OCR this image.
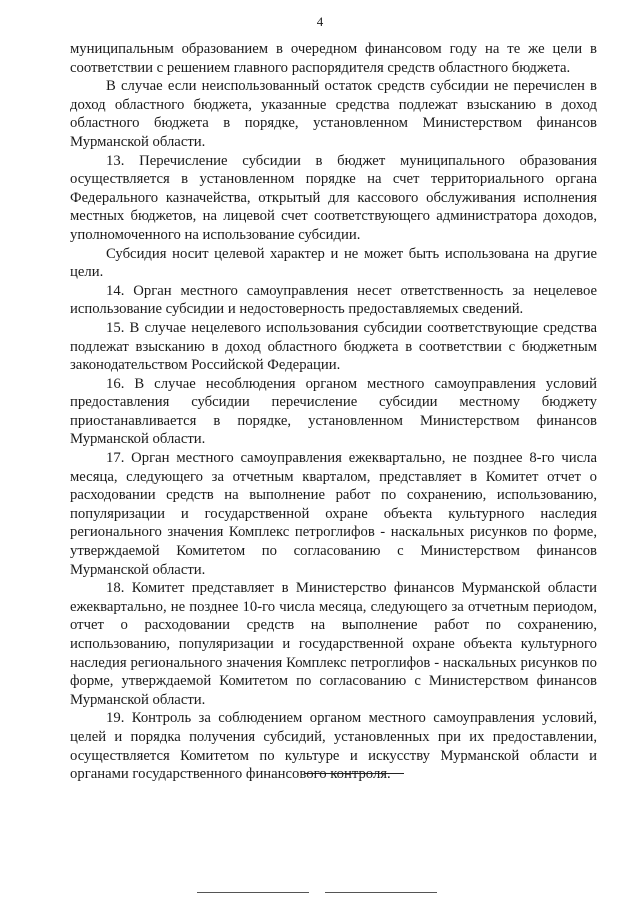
4

муниципальным образованием в очередном финансовом году на те же цели в соответствии с решением главного распорядителя средств областного бюджета.

В случае если неиспользованный остаток средств субсидии не перечислен в доход областного бюджета, указанные средства подлежат взысканию в доход областного бюджета в порядке, установленном Министерством финансов Мурманской области.

13. Перечисление субсидии в бюджет муниципального образования осуществляется в установленном порядке на счет территориального органа Федерального казначейства, открытый для кассового обслуживания исполнения местных бюджетов, на лицевой счет соответствующего администратора доходов, уполномоченного на использование субсидии.

Субсидия носит целевой характер и не может быть использована на другие цели.

14. Орган местного самоуправления несет ответственность за нецелевое использование субсидии и недостоверность предоставляемых сведений.

15. В случае нецелевого использования субсидии соответствующие средства подлежат взысканию в доход областного бюджета в соответствии с бюджетным законодательством Российской Федерации.

16. В случае несоблюдения органом местного самоуправления условий предоставления субсидии перечисление субсидии местному бюджету приостанавливается в порядке, установленном Министерством финансов Мурманской области.

17. Орган местного самоуправления ежеквартально, не позднее 8-го числа месяца, следующего за отчетным кварталом, представляет в Комитет отчет о расходовании средств на выполнение работ по сохранению, использованию, популяризации и государственной охране объекта культурного наследия регионального значения Комплекс петроглифов - наскальных рисунков по форме, утверждаемой Комитетом по согласованию с Министерством финансов Мурманской области.

18. Комитет представляет в Министерство финансов Мурманской области ежеквартально, не позднее 10-го числа месяца, следующего за отчетным периодом, отчет о расходовании средств на выполнение работ по сохранению, использованию, популяризации и государственной охране объекта культурного наследия регионального значения Комплекс петроглифов - наскальных рисунков по форме, утверждаемой Комитетом по согласованию с Министерством финансов Мурманской области.

19. Контроль за соблюдением органом местного самоуправления условий, целей и порядка получения субсидий, установленных при их предоставлении, осуществляется Комитетом по культуре и искусству Мурманской области и органами государственного финансового контроля.
